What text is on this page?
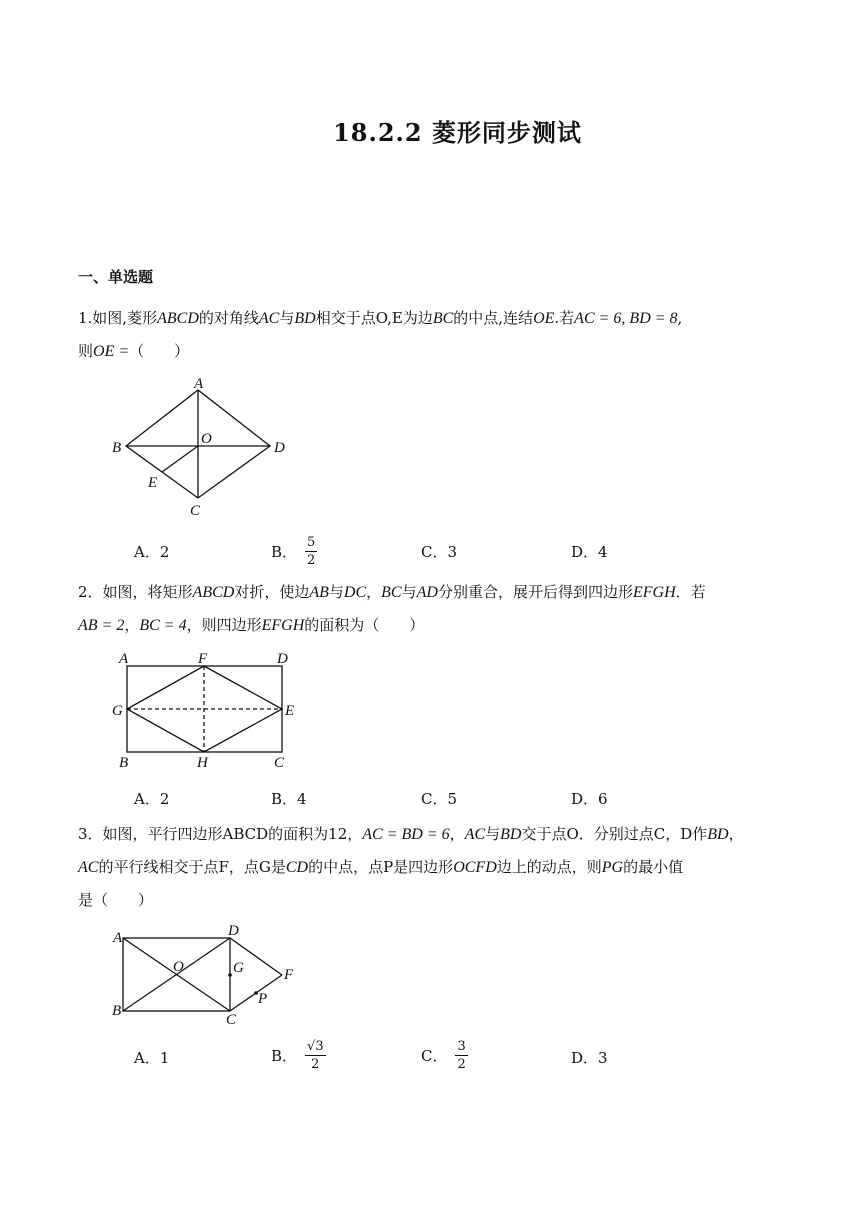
18.2.2 菱形同步测试
一、单选题
1.如图,菱形ABCD的对角线AC与BD相交于点O,E为边BC的中点,连结OE.若AC = 6, BD = 8,
则OE =（　　）
A
B
C
D
O
E
A． 2	B． $\frac{5}{2}$	C． 3	D． 4
2．如图，将矩形ABCD对折，使边AB与DC，BC与AD分别重合，展开后得到四边形EFGH．若
AB = 2，BC = 4，则四边形EFGH的面积为（　　）
A	F	D
G	E
B	H	C
A． 2	B． 4	C． 5	D． 6
3．如图，平行四边形ABCD的面积为12，AC = BD = 6，AC与BD交于点O．分别过点C，D作BD，
AC的平行线相交于点F，点G是CD的中点，点P是四边形OCFD边上的动点，则PG的最小值
是（　　）
A	D
O	G	F
P
B
C
A． 1	B． $\frac{√3}{2}$	C． $\frac{3}{2}$	D． 3
